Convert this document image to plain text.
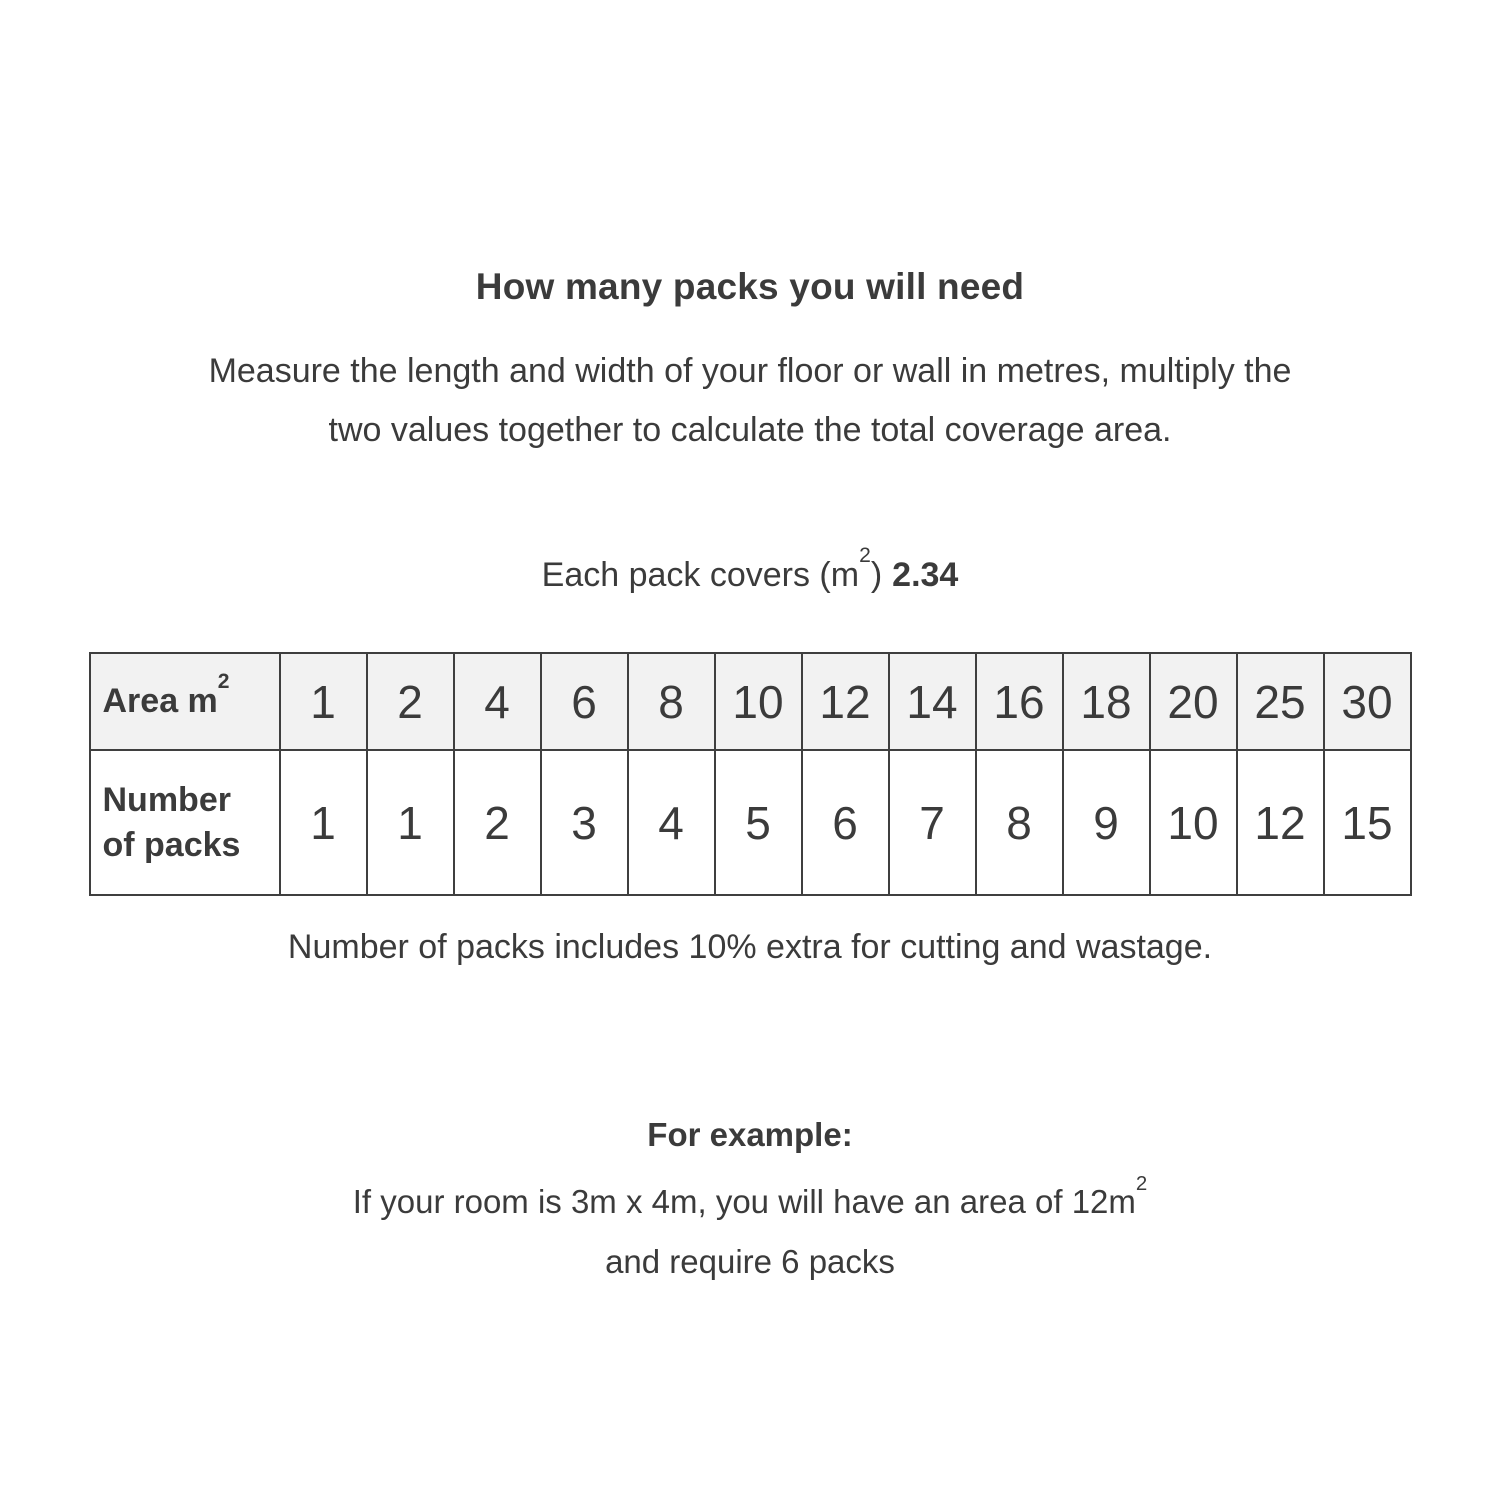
How many packs you will need
Measure the length and width of your floor or wall in metres, multiply the
two values together to calculate the total coverage area.
Each pack covers $(m^2)$ 2.34
Area $m^2$	1	2	4	6	8	10 12 14 16 18 20 25 30
Number
of packs	1	1	2	3	4	5	6	7	8	9	10 12 15
Number of packs includes 10% extra for cutting and wastage.
For example:
If your room is 3m x 4m, you will have an area of $12m^2$
and require 6 packs
